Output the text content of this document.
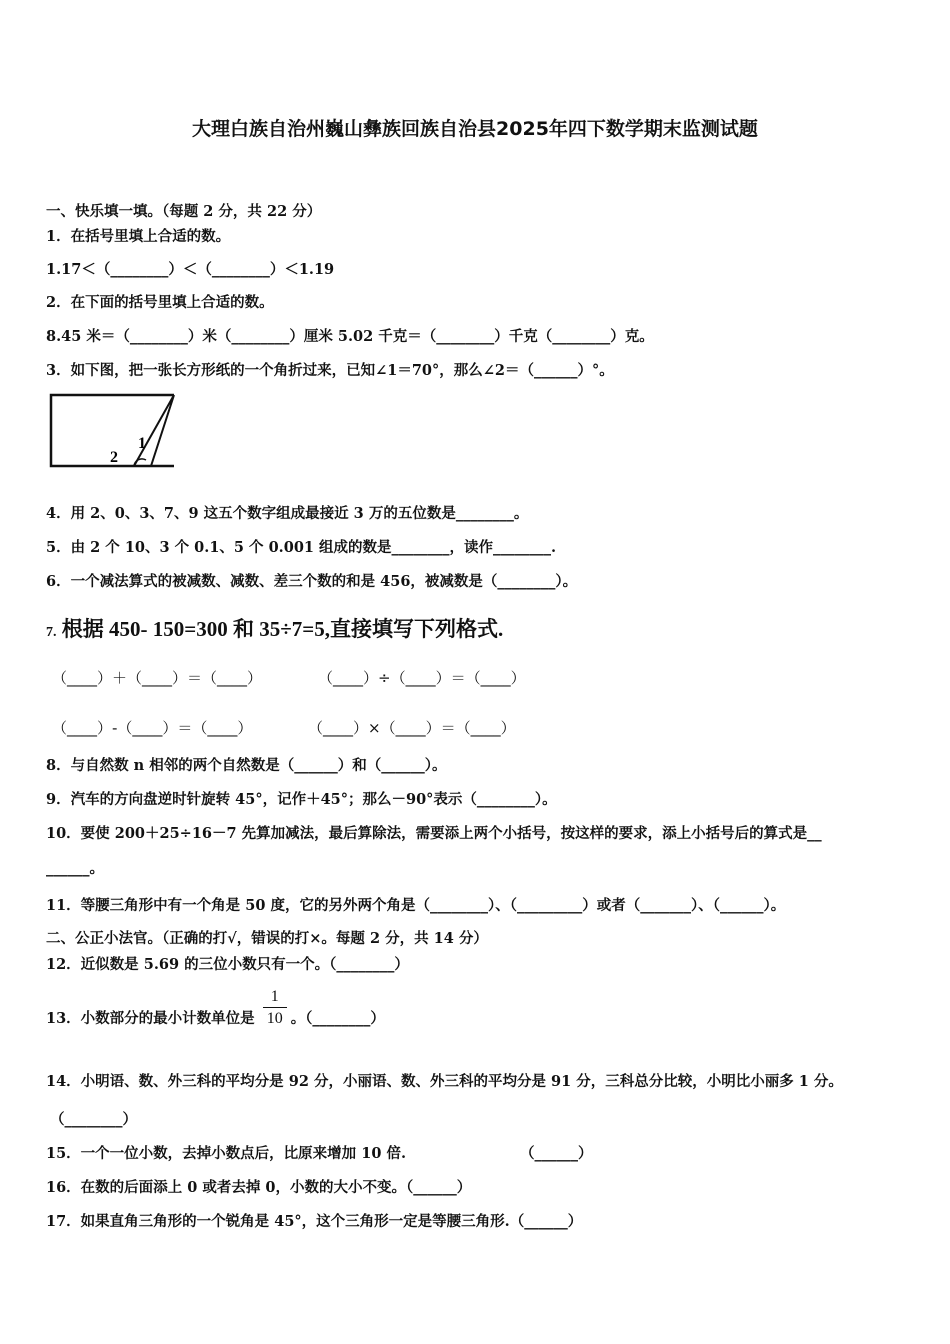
大理白族自治州巍山彝族回族自治县2025年四下数学期末监测试题
一、快乐填一填。（每题 2 分，共 22 分）
1．在括号里填上合适的数。
1.17＜（________）＜（________）＜1.19
2．在下面的括号里填上合适的数。
8.45 米＝（________）米（________）厘米 5.02 千克＝（________）千克（________）克。
3．如下图，把一张长方形纸的一个角折过来，已知∠1＝70°，那么∠2＝（______）°。
1
2
4．用 2、0、3、7、9 这五个数字组成最接近 3 万的五位数是________。
5．由 2 个 10、3 个 0.1、5 个 0.001 组成的数是________，读作________.
6．一个减法算式的被减数、减数、差三个数的和是 456，被减数是（________）。
7. 根据 450- 150=300 和 35÷7=5,直接填写下列格式.
（____）＋（____）＝（____）	（____）÷（____）＝（____）
（____）-（____）＝（____）	（____）×（____）＝（____）
8．与自然数 n 相邻的两个自然数是（______）和（______）。
9．汽车的方向盘逆时针旋转 45°，记作＋45°；那么－90°表示（________）。
10．要使 200＋25÷16－7 先算加减法，最后算除法，需要添上两个小括号，按这样的要求，添上小括号后的算式是__
______。
11．等腰三角形中有一个角是 50 度，它的另外两个角是（________）、（_________）或者（_______）、（______）。
二、公正小法官。（正确的打√，错误的打×。每题 2 分，共 14 分）
12．近似数是 5.69 的三位小数只有一个。（________）
13．小数部分的最小计数单位是 $\frac{1}{10}$ 。（________）
14．小明语、数、外三科的平均分是 92 分，小丽语、数、外三科的平均分是 91 分，三科总分比较，小明比小丽多 1 分。
（________）
15．一个一位小数，去掉小数点后，比原来增加 10 倍.	（______）
16．在数的后面添上 0 或者去掉 0，小数的大小不变。（______）
17．如果直角三角形的一个锐角是 45°，这个三角形一定是等腰三角形.（______）
